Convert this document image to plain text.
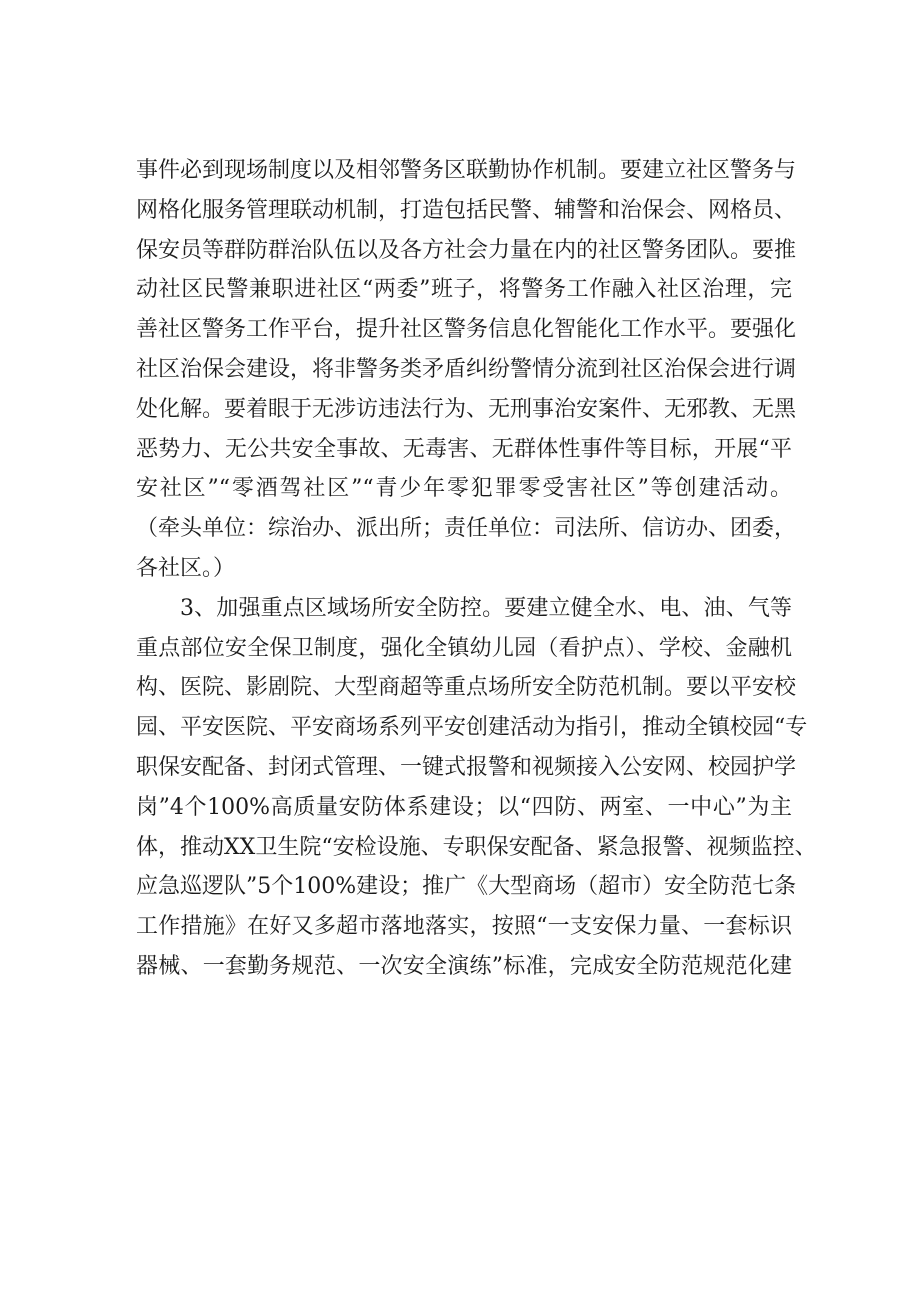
事件必到现场制度以及相邻警务区联勤协作机制。要建立社区警务与
网格化服务管理联动机制，打造包括民警、辅警和治保会、网格员、
保安员等群防群治队伍以及各方社会力量在内的社区警务团队。要推
动社区民警兼职进社区“两委”班子，将警务工作融入社区治理，完
善社区警务工作平台，提升社区警务信息化智能化工作水平。要强化
社区治保会建设，将非警务类矛盾纠纷警情分流到社区治保会进行调
处化解。要着眼于无涉访违法行为、无刑事治安案件、无邪教、无黑
恶势力、无公共安全事故、无毒害、无群体性事件等目标，开展“平
安社区”“零酒驾社区”“青少年零犯罪零受害社区”等创建活动。
（牵头单位：综治办、派出所；责任单位：司法所、信访办、团委，
各社区。）
3、加强重点区域场所安全防控。要建立健全水、电、油、气等
重点部位安全保卫制度，强化全镇幼儿园（看护点）、学校、金融机
构、医院、影剧院、大型商超等重点场所安全防范机制。要以平安校
园、平安医院、平安商场系列平安创建活动为指引，推动全镇校园“专
职保安配备、封闭式管理、一键式报警和视频接入公安网、校园护学
岗”4个100%高质量安防体系建设；以“四防、两室、一中心”为主
体，推动XX卫生院“安检设施、专职保安配备、紧急报警、视频监控、
应急巡逻队”5个100%建设；推广《大型商场（超市）安全防范七条
工作措施》在好又多超市落地落实，按照“一支安保力量、一套标识
器械、一套勤务规范、一次安全演练”标准，完成安全防范规范化建
